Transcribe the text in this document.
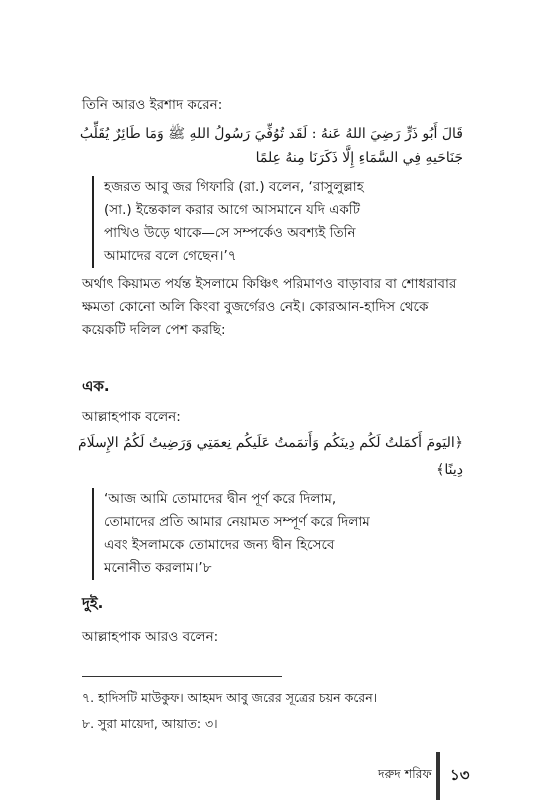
তিনি আরও ইরশাদ করেন:
قَالَ أَبُو ذَرٍّ رَضِيَ اللهُ عَنهُ : لَقَد تُوُفِّيَ رَسُولُ اللهِ ﷺ وَمَا طَائِرٌ يُقَلِّبُ
جَنَاحَيهِ فِي السَّمَاءِ إِلَّا ذَكَرَنَا مِنهُ عِلمًا
হজরত আবু জর গিফারি (রা.) বলেন, ‘রাসুলুল্লাহ
(সা.) ইন্তেকাল করার আগে আসমানে যদি একটি
পাখিও উড়ে থাকে—সে সম্পর্কেও অবশ্যই তিনি
আমাদের বলে গেছেন।’৭
অর্থাৎ কিয়ামত পর্যন্ত ইসলামে কিঞ্চিৎ পরিমাণও বাড়াবার বা শোধরাবার
ক্ষমতা কোনো অলি কিংবা বুজর্গেরও নেই। কোরআন-হাদিস থেকে
কয়েকটি দলিল পেশ করছি:
এক.
আল্লাহপাক বলেন:
﴿اليَومَ أَكمَلتُ لَكُم دِينَكُم وَأَتمَمتُ عَلَيكُم نِعمَتِي وَرَضِيتُ لَكُمُ الإِسلَامَ
دِينًا﴾
‘আজ আমি তোমাদের দ্বীন পূর্ণ করে দিলাম,
তোমাদের প্রতি আমার নেয়ামত সম্পূর্ণ করে দিলাম
এবং ইসলামকে তোমাদের জন্য দ্বীন হিসেবে
মনোনীত করলাম।’৮
দুই.
আল্লাহপাক আরও বলেন:
৭. হাদিসটি মাউকুফ। আহমদ আবু জরের সূত্রের চয়ন করেন।
৮. সুরা মায়েদা, আয়াত: ৩।
দরুদ শরিফ ১৩
